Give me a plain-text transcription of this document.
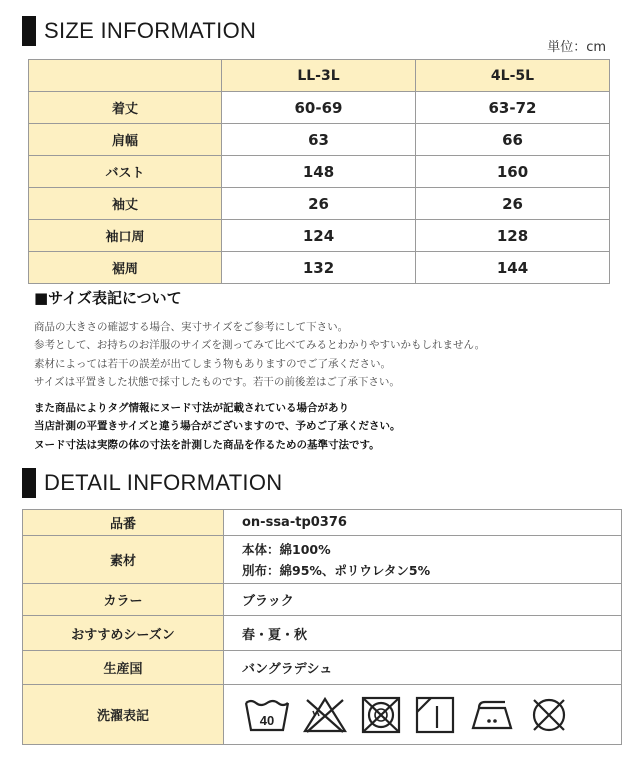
SIZE INFORMATION
単位：cm
	LL-3L	4L-5L
着丈	60-69	63-72
肩幅	63	66
バスト	148	160
袖丈	26	26
袖口周	124	128
裾周	132	144
■サイズ表記について
商品の大きさの確認する場合、実寸サイズをご参考にして下さい。
参考として、お持ちのお洋服のサイズを測ってみて比べてみるとわかりやすいかもしれません。
素材によっては若干の誤差が出てしまう物もありますのでご了承ください。
サイズは平置きした状態で採寸したものです。若干の前後差はご了承下さい。
また商品によりタグ情報にヌード寸法が記載されている場合があり
当店計測の平置きサイズと違う場合がございますので、予めご了承ください。
ヌード寸法は実際の体の寸法を計測した商品を作るための基準寸法です。
DETAIL INFORMATION
品番	on-ssa-tp0376
素材	本体：綿100%
別布：綿95%、ポリウレタン5%

カラー	ブラック
おすすめシーズン	春・夏・秋
生産国	バングラデシュ
洗濯表記	40
